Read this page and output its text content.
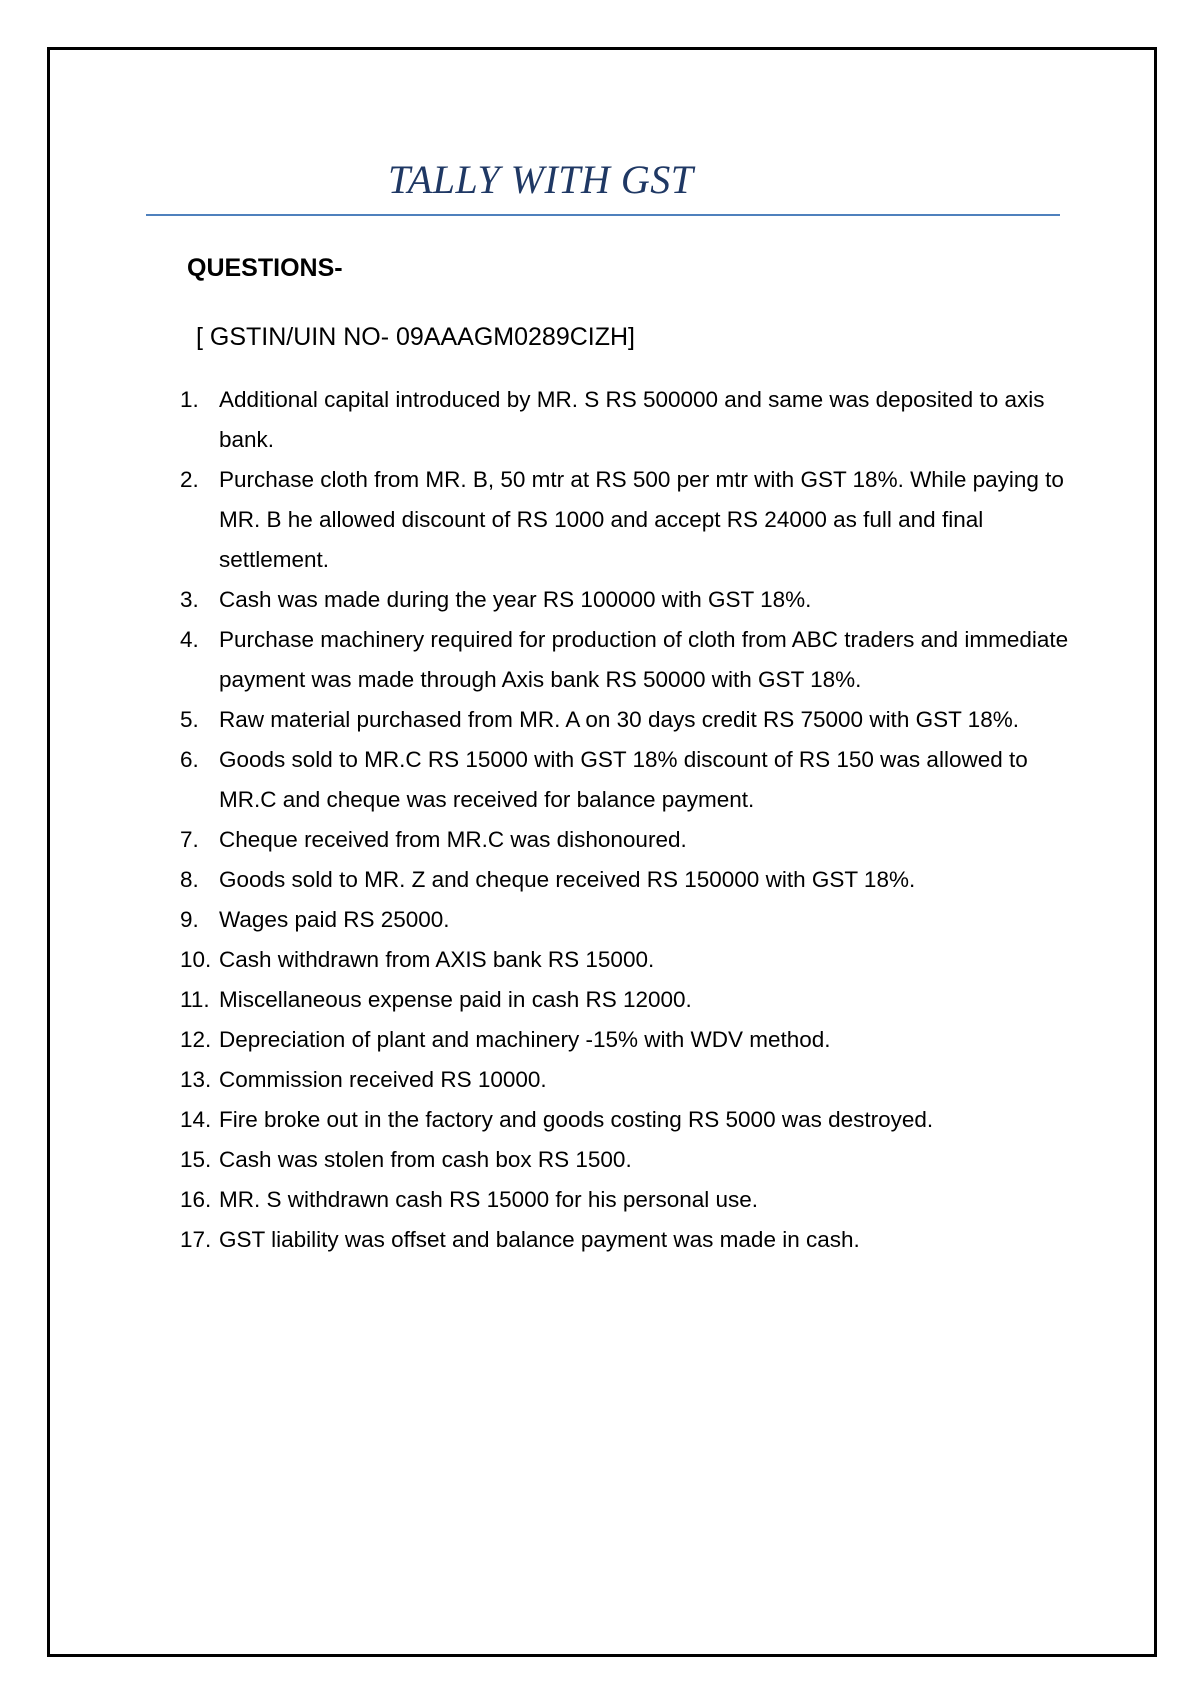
TALLY WITH GST
QUESTIONS-

[ GSTIN/UIN NO- 09AAAGM0289CIZH]

1. Additional capital introduced by MR. S RS 500000 and same was deposited to axis bank.
2. Purchase cloth from MR. B, 50 mtr at RS 500 per mtr with GST 18%. While paying to MR. B he allowed discount of RS 1000 and accept RS 24000 as full and final settlement.
3. Cash was made during the year RS 100000 with GST 18%.
4. Purchase machinery required for production of cloth from ABC traders and immediate payment was made through Axis bank RS 50000 with GST 18%.
5. Raw material purchased from MR. A on 30 days credit RS 75000 with GST 18%.
6. Goods sold to MR.C RS 15000 with GST 18% discount of RS 150 was allowed to MR.C and cheque was received for balance payment.
7. Cheque received from MR.C was dishonoured.
8. Goods sold to MR. Z and cheque received RS 150000 with GST 18%.
9. Wages paid RS 25000.
10. Cash withdrawn from AXIS bank RS 15000.
11. Miscellaneous expense paid in cash RS 12000.
12. Depreciation of plant and machinery -15% with WDV method.
13. Commission received RS 10000.
14. Fire broke out in the factory and goods costing RS 5000 was destroyed.
15. Cash was stolen from cash box RS 1500.
16. MR. S withdrawn cash RS 15000 for his personal use.
17. GST liability was offset and balance payment was made in cash.
